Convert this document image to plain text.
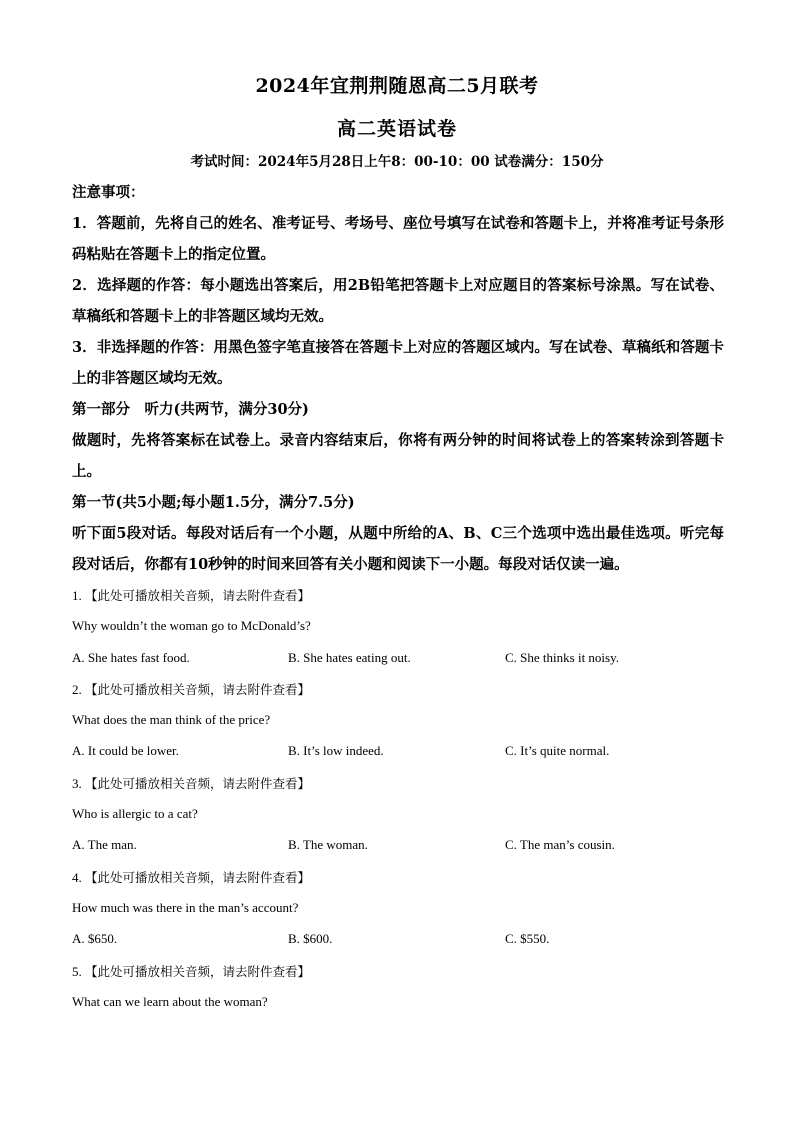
2024年宜荆荆随恩高二5月联考
高二英语试卷
考试时间：2024年5月28日上午8：00-10：00 试卷满分：150分

注意事项：

1．答题前，先将自己的姓名、准考证号、考场号、座位号填写在试卷和答题卡上，并将准考证号条形码粘贴在答题卡上的指定位置。

2．选择题的作答：每小题选出答案后，用2B铅笔把答题卡上对应题目的答案标号涂黑。写在试卷、草稿纸和答题卡上的非答题区域均无效。

3．非选择题的作答：用黑色签字笔直接答在答题卡上对应的答题区域内。写在试卷、草稿纸和答题卡上的非答题区域均无效。

第一部分　听力(共两节，满分30分)

做题时，先将答案标在试卷上。录音内容结束后，你将有两分钟的时间将试卷上的答案转涂到答题卡上。

第一节(共5小题;每小题1.5分，满分7.5分)

听下面5段对话。每段对话后有一个小题，从题中所给的A、B、C三个选项中选出最佳选项。听完每段对话后，你都有10秒钟的时间来回答有关小题和阅读下一小题。每段对话仅读一遍。

1. 【此处可播放相关音频，请去附件查看】
Why wouldn’t the woman go to McDonald’s?
A. She hates fast food.	B. She hates eating out.	C. She thinks it noisy.
2. 【此处可播放相关音频，请去附件查看】
What does the man think of the price?
A. It could be lower.	B. It’s low indeed.	C. It’s quite normal.
3. 【此处可播放相关音频，请去附件查看】
Who is allergic to a cat?
A. The man.	B. The woman.	C. The man’s cousin.
4. 【此处可播放相关音频，请去附件查看】
How much was there in the man’s account?
A. $650.	B. $600.	C. $550.
5. 【此处可播放相关音频，请去附件查看】
What can we learn about the woman?
